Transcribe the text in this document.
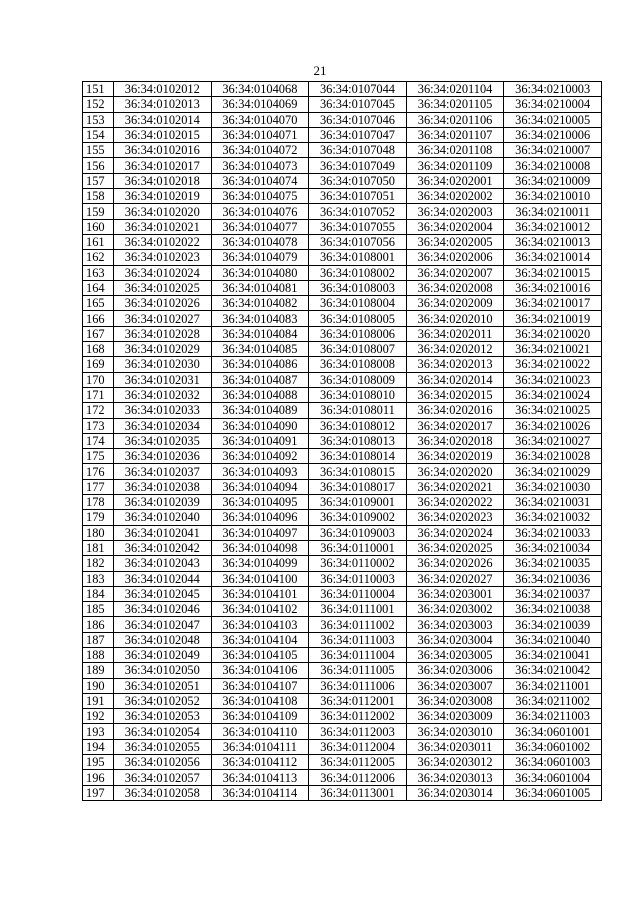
21
151	36:34:0102012	36:34:0104068	36:34:0107044	36:34:0201104	36:34:0210003
152	36:34:0102013	36:34:0104069	36:34:0107045	36:34:0201105	36:34:0210004
153	36:34:0102014	36:34:0104070	36:34:0107046	36:34:0201106	36:34:0210005
154	36:34:0102015	36:34:0104071	36:34:0107047	36:34:0201107	36:34:0210006
155	36:34:0102016	36:34:0104072	36:34:0107048	36:34:0201108	36:34:0210007
156	36:34:0102017	36:34:0104073	36:34:0107049	36:34:0201109	36:34:0210008
157	36:34:0102018	36:34:0104074	36:34:0107050	36:34:0202001	36:34:0210009
158	36:34:0102019	36:34:0104075	36:34:0107051	36:34:0202002	36:34:0210010
159	36:34:0102020	36:34:0104076	36:34:0107052	36:34:0202003	36:34:0210011
160	36:34:0102021	36:34:0104077	36:34:0107055	36:34:0202004	36:34:0210012
161	36:34:0102022	36:34:0104078	36:34:0107056	36:34:0202005	36:34:0210013
162	36:34:0102023	36:34:0104079	36:34:0108001	36:34:0202006	36:34:0210014
163	36:34:0102024	36:34:0104080	36:34:0108002	36:34:0202007	36:34:0210015
164	36:34:0102025	36:34:0104081	36:34:0108003	36:34:0202008	36:34:0210016
165	36:34:0102026	36:34:0104082	36:34:0108004	36:34:0202009	36:34:0210017
166	36:34:0102027	36:34:0104083	36:34:0108005	36:34:0202010	36:34:0210019
167	36:34:0102028	36:34:0104084	36:34:0108006	36:34:0202011	36:34:0210020
168	36:34:0102029	36:34:0104085	36:34:0108007	36:34:0202012	36:34:0210021
169	36:34:0102030	36:34:0104086	36:34:0108008	36:34:0202013	36:34:0210022
170	36:34:0102031	36:34:0104087	36:34:0108009	36:34:0202014	36:34:0210023
171	36:34:0102032	36:34:0104088	36:34:0108010	36:34:0202015	36:34:0210024
172	36:34:0102033	36:34:0104089	36:34:0108011	36:34:0202016	36:34:0210025
173	36:34:0102034	36:34:0104090	36:34:0108012	36:34:0202017	36:34:0210026
174	36:34:0102035	36:34:0104091	36:34:0108013	36:34:0202018	36:34:0210027
175	36:34:0102036	36:34:0104092	36:34:0108014	36:34:0202019	36:34:0210028
176	36:34:0102037	36:34:0104093	36:34:0108015	36:34:0202020	36:34:0210029
177	36:34:0102038	36:34:0104094	36:34:0108017	36:34:0202021	36:34:0210030
178	36:34:0102039	36:34:0104095	36:34:0109001	36:34:0202022	36:34:0210031
179	36:34:0102040	36:34:0104096	36:34:0109002	36:34:0202023	36:34:0210032
180	36:34:0102041	36:34:0104097	36:34:0109003	36:34:0202024	36:34:0210033
181	36:34:0102042	36:34:0104098	36:34:0110001	36:34:0202025	36:34:0210034
182	36:34:0102043	36:34:0104099	36:34:0110002	36:34:0202026	36:34:0210035
183	36:34:0102044	36:34:0104100	36:34:0110003	36:34:0202027	36:34:0210036
184	36:34:0102045	36:34:0104101	36:34:0110004	36:34:0203001	36:34:0210037
185	36:34:0102046	36:34:0104102	36:34:0111001	36:34:0203002	36:34:0210038
186	36:34:0102047	36:34:0104103	36:34:0111002	36:34:0203003	36:34:0210039
187	36:34:0102048	36:34:0104104	36:34:0111003	36:34:0203004	36:34:0210040
188	36:34:0102049	36:34:0104105	36:34:0111004	36:34:0203005	36:34:0210041
189	36:34:0102050	36:34:0104106	36:34:0111005	36:34:0203006	36:34:0210042
190	36:34:0102051	36:34:0104107	36:34:0111006	36:34:0203007	36:34:0211001
191	36:34:0102052	36:34:0104108	36:34:0112001	36:34:0203008	36:34:0211002
192	36:34:0102053	36:34:0104109	36:34:0112002	36:34:0203009	36:34:0211003
193	36:34:0102054	36:34:0104110	36:34:0112003	36:34:0203010	36:34:0601001
194	36:34:0102055	36:34:0104111	36:34:0112004	36:34:0203011	36:34:0601002
195	36:34:0102056	36:34:0104112	36:34:0112005	36:34:0203012	36:34:0601003
196	36:34:0102057	36:34:0104113	36:34:0112006	36:34:0203013	36:34:0601004
197	36:34:0102058	36:34:0104114	36:34:0113001	36:34:0203014	36:34:0601005
